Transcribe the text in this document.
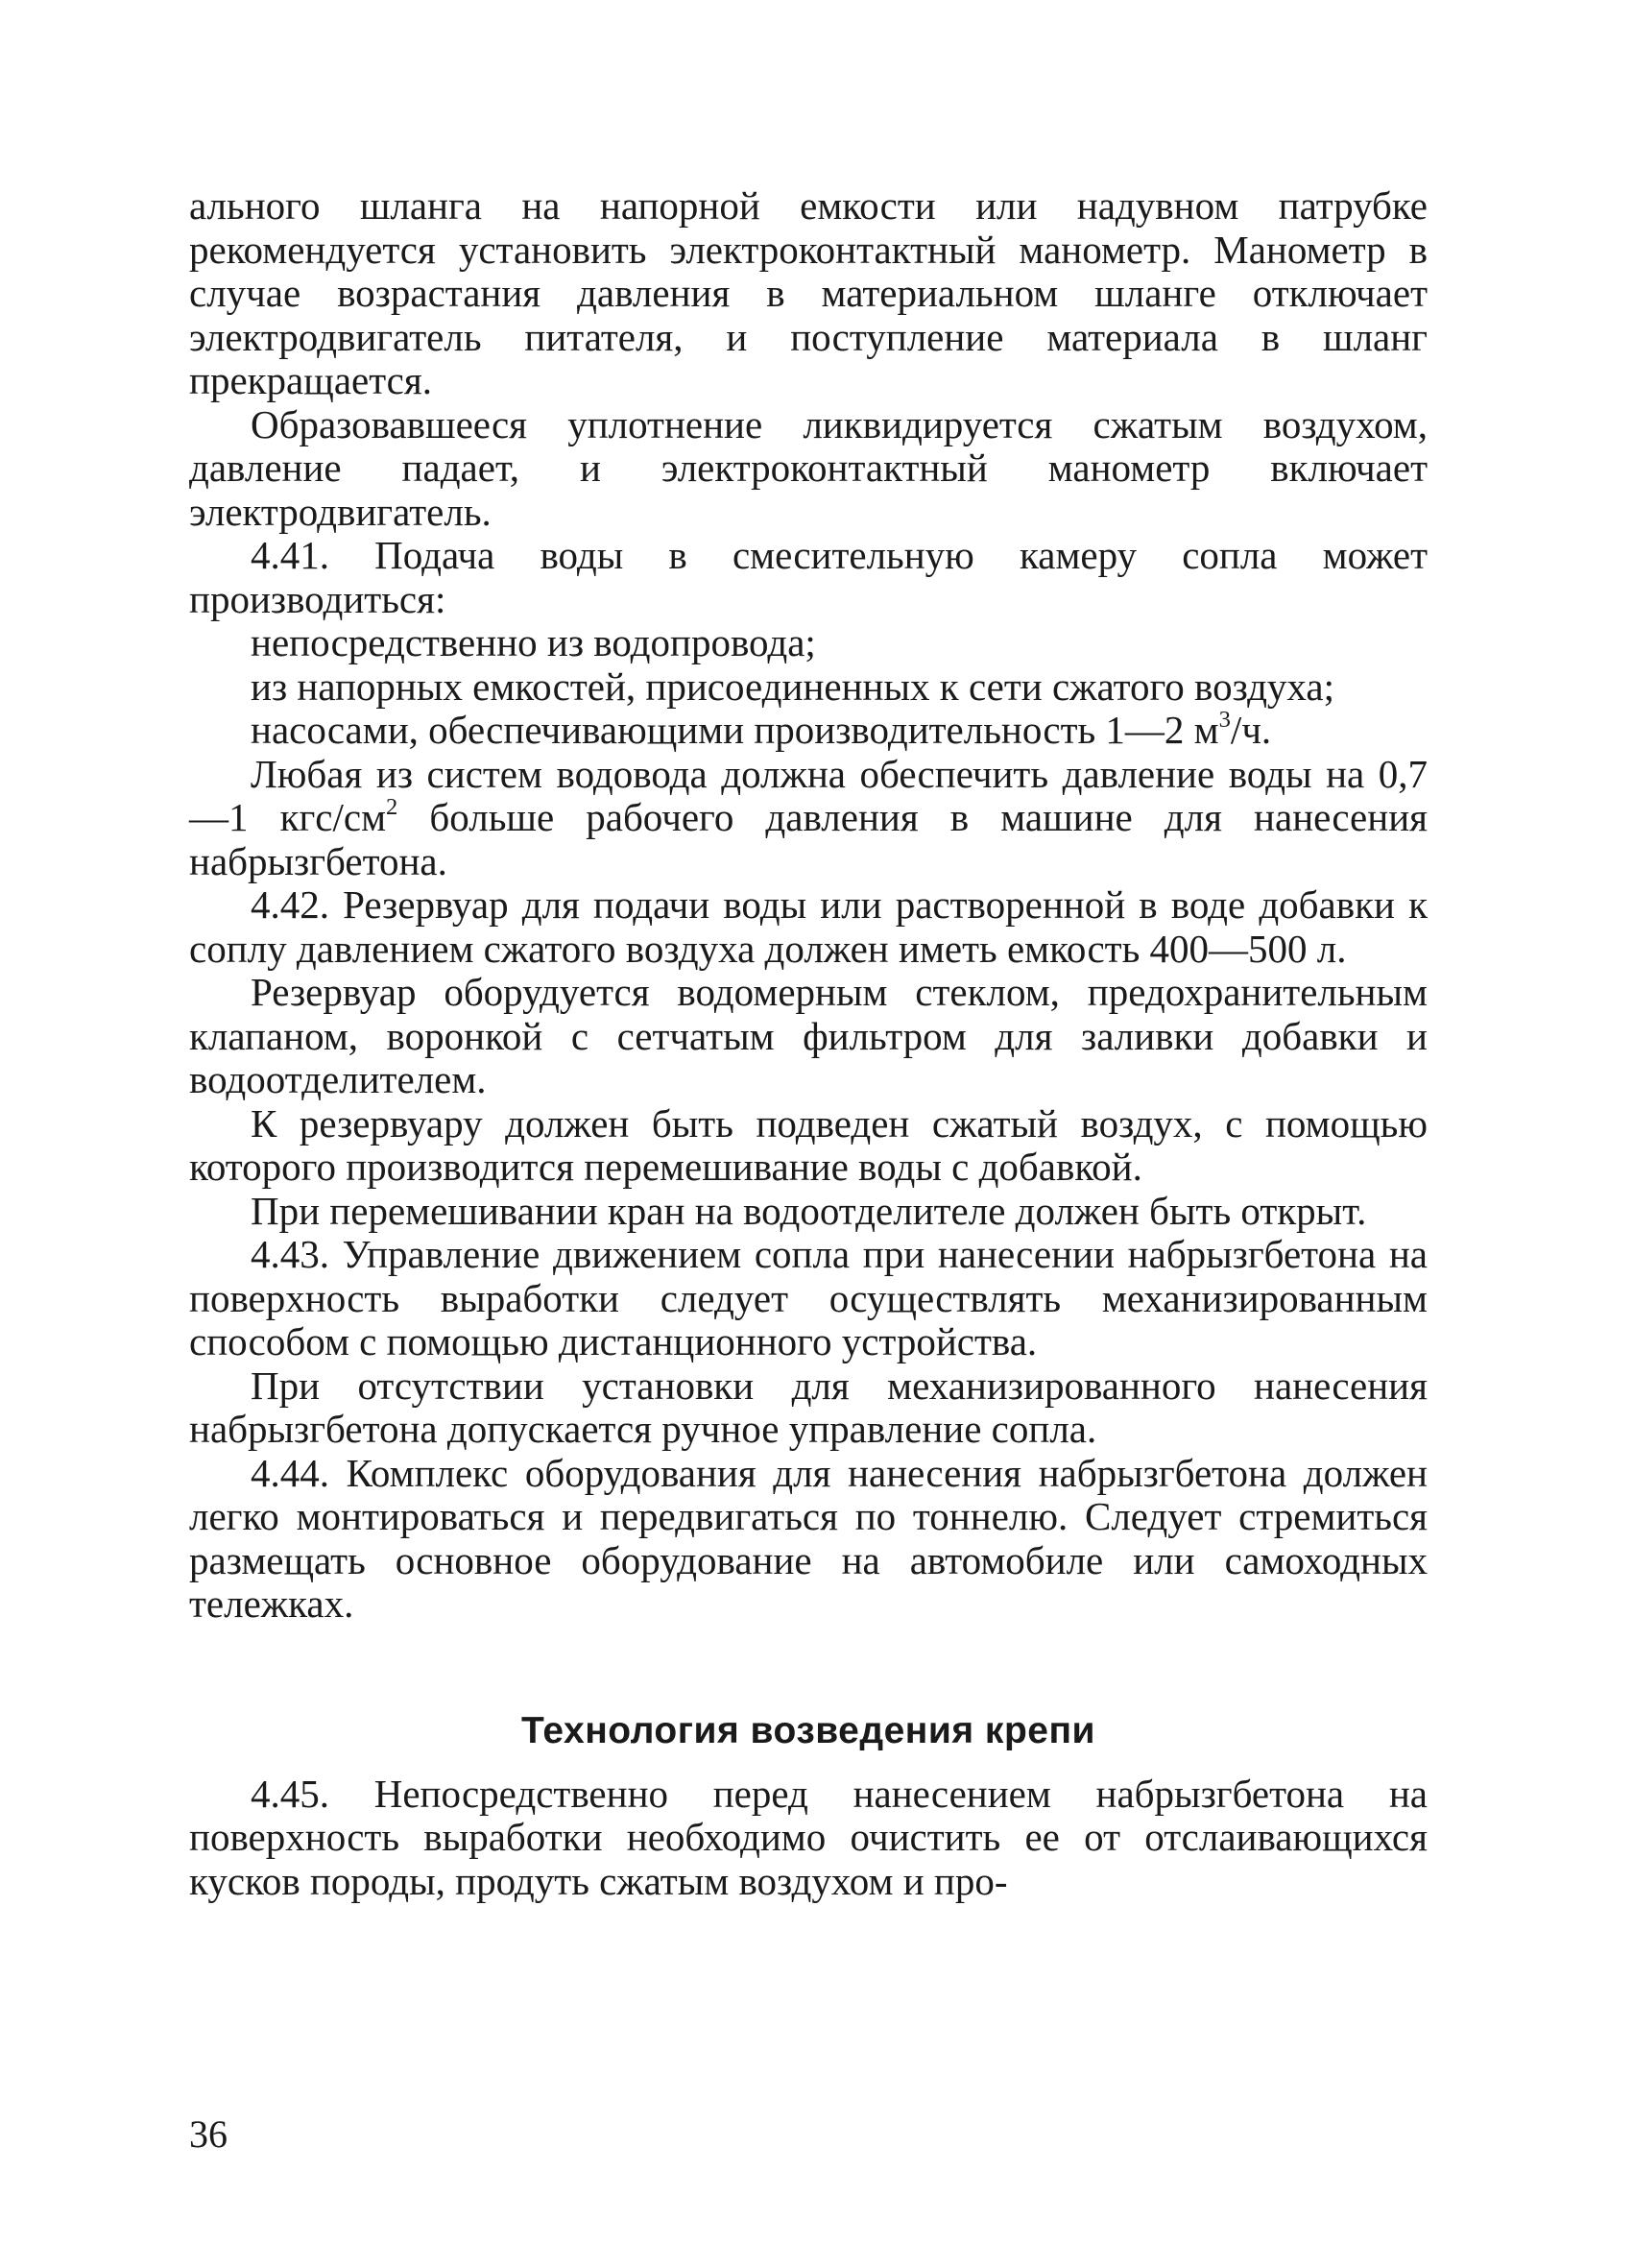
ального шланга на напорной емкости или надувном патрубке рекомендуется установить электроконтактный манометр. Манометр в случае возрастания давления в материальном шланге отключает электродвигатель питателя, и поступление материала в шланг прекращается.

Образовавшееся уплотнение ликвидируется сжатым воздухом, давление падает, и электроконтактный манометр включает электродвигатель.

4.41. Подача воды в смесительную камеру сопла может производиться:

непосредственно из водопровода;

из напорных емкостей, присоединенных к сети сжатого воздуха;

насосами, обеспечивающими производительность 1—2 $м^3/ч$.

Любая из систем водовода должна обеспечить давление воды на 0,7—1 кгс/$см^2$ больше рабочего давления в машине для нанесения набрызгбетона.

4.42. Резервуар для подачи воды или растворенной в воде добавки к соплу давлением сжатого воздуха должен иметь емкость 400—500 л.

Резервуар оборудуется водомерным стеклом, предохранительным клапаном, воронкой с сетчатым фильтром для заливки добавки и водоотделителем.

К резервуару должен быть подведен сжатый воздух, с помощью которого производится перемешивание воды с добавкой.

При перемешивании кран на водоотделителе должен быть открыт.

4.43. Управление движением сопла при нанесении набрызгбетона на поверхность выработки следует осуществлять механизированным способом с помощью дистанционного устройства.

При отсутствии установки для механизированного нанесения набрызгбетона допускается ручное управление сопла.

4.44. Комплекс оборудования для нанесения набрызгбетона должен легко монтироваться и передвигаться по тоннелю. Следует стремиться размещать основное оборудование на автомобиле или самоходных тележках.

Технология возведения крепи

4.45. Непосредственно перед нанесением набрызгбетона на поверхность выработки необходимо очистить ее от отслаивающихся кусков породы, продуть сжатым воздухом и про-

36
